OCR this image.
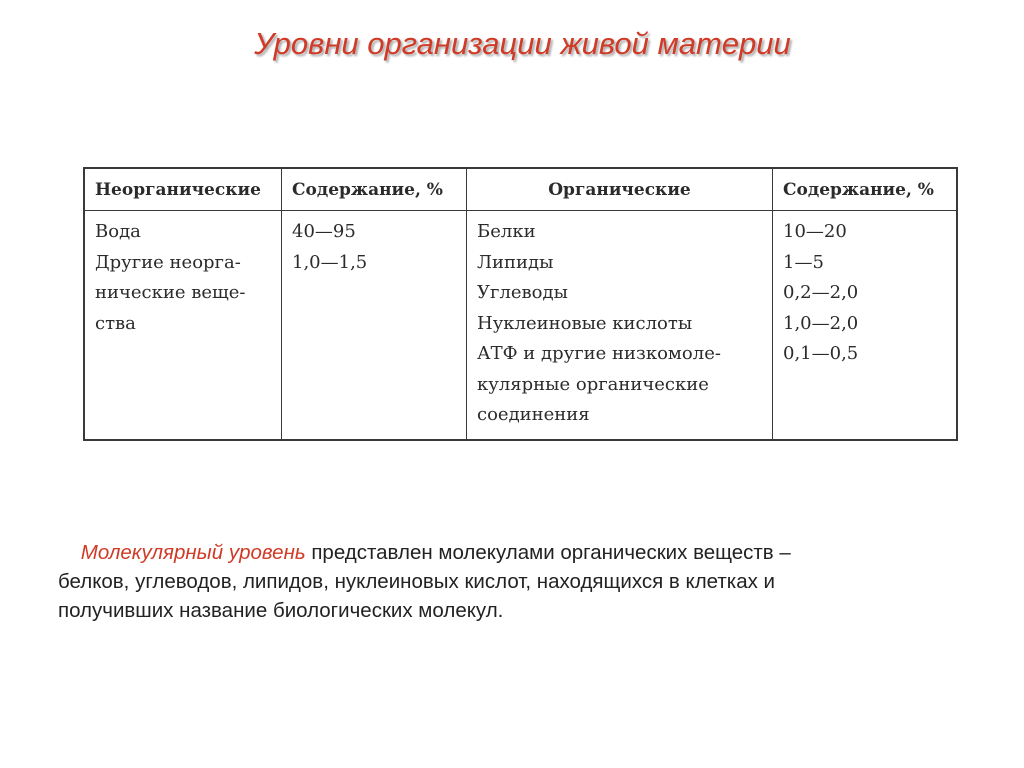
Уровни организации живой материи
Неорганические
Вода
Другие неорга-
нические веще-
ства
Содержание, %
40—95
1,0—1,5
Органические
Белки
Липиды
Углеводы
Нуклеиновые кислоты
АТФ и другие низкомоле-
кулярные органические
соединения
Содержание, %
10—20
1—5
0,2—2,0
1,0—2,0
0,1—0,5
Молекулярный уровень представлен молекулами органических веществ –
белков, углеводов, липидов, нуклеиновых кислот, находящихся в клетках и
получивших название биологических молекул.
